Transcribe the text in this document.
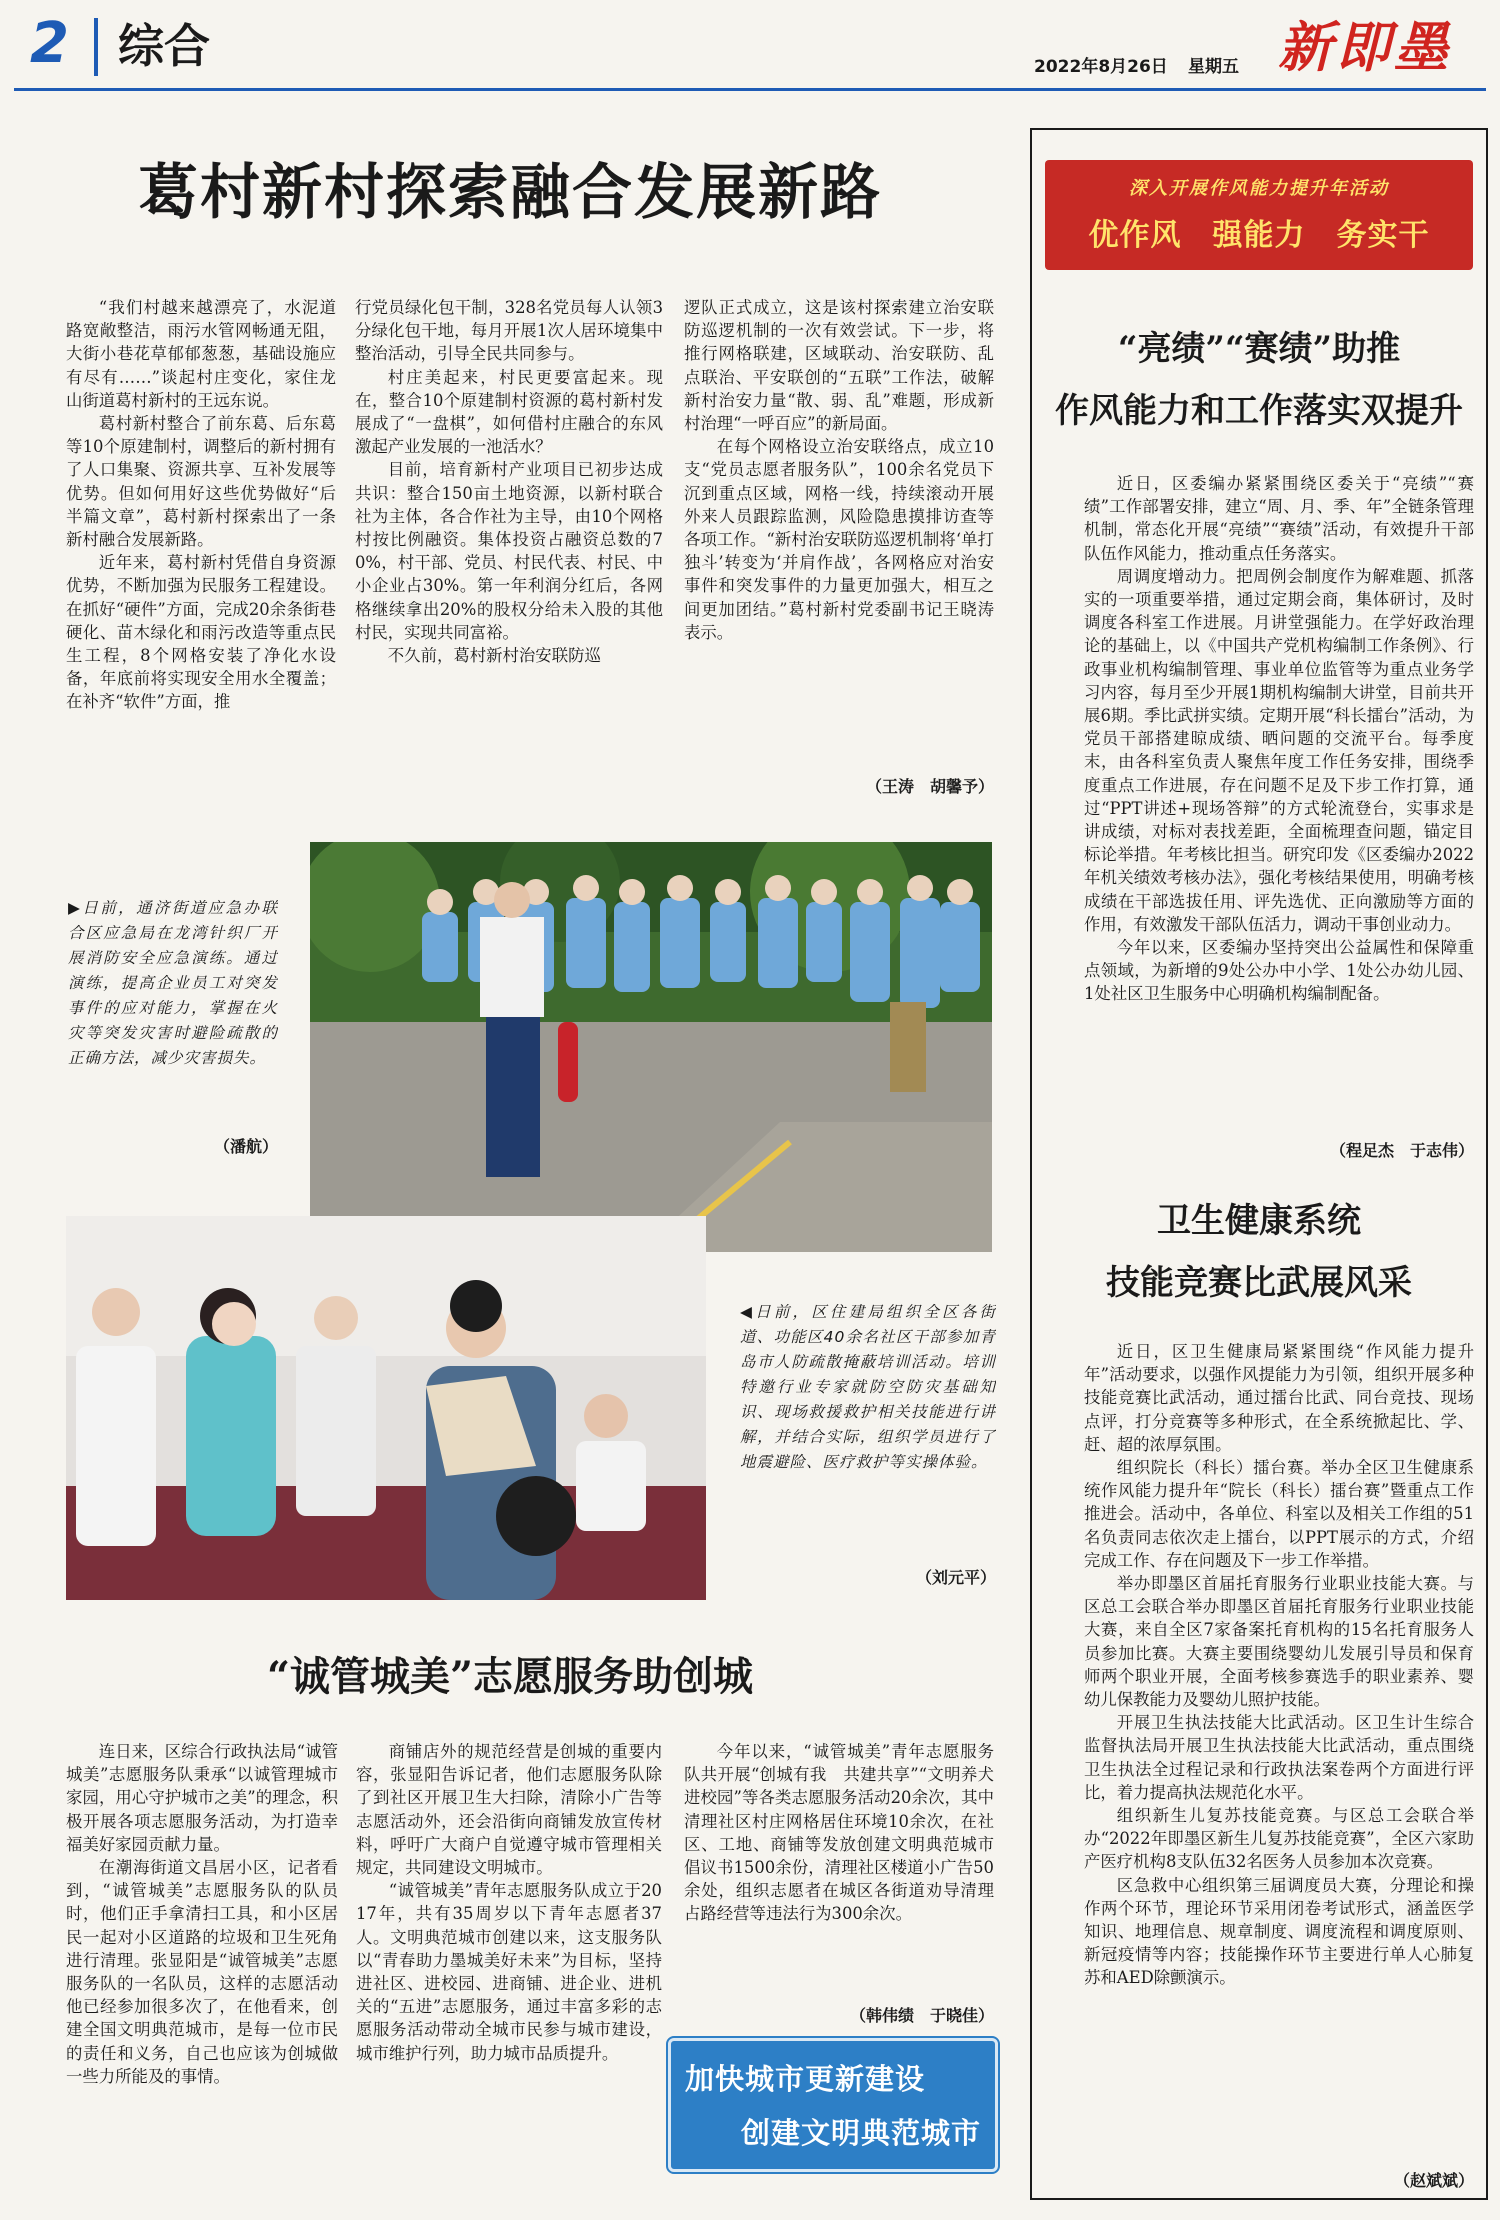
2 综合	2022年8月26日 星期五 新即墨
葛村新村探索融合发展新路

“我们村越来越漂亮了，水泥道路宽敞整洁，雨污水管网畅通无阻，大街小巷花草郁郁葱葱，基础设施应有尽有……”谈起村庄变化，家住龙山街道葛村新村的王远东说。

葛村新村整合了前东葛、后东葛等10个原建制村，调整后的新村拥有了人口集聚、资源共享、互补发展等优势。但如何用好这些优势做好“后半篇文章”，葛村新村探索出了一条新村融合发展新路。

近年来，葛村新村凭借自身资源优势，不断加强为民服务工程建设。在抓好“硬件”方面，完成20余条街巷硬化、苗木绿化和雨污改造等重点民生工程，8个网格安装了净化水设备，年底前将实现安全用水全覆盖；在补齐“软件”方面，推

行党员绿化包干制，328名党员每人认领3分绿化包干地，每月开展1次人居环境集中整治活动，引导全民共同参与。

村庄美起来，村民更要富起来。现在，整合10个原建制村资源的葛村新村发展成了“一盘棋”，如何借村庄融合的东风激起产业发展的一池活水？

目前，培育新村产业项目已初步达成共识：整合150亩土地资源，以新村联合社为主体，各合作社为主导，由10个网格村按比例融资。集体投资占融资总数的70%，村干部、党员、村民代表、村民、中小企业占30%。第一年利润分红后，各网格继续拿出20%的股权分给未入股的其他村民，实现共同富裕。

不久前，葛村新村治安联防巡

逻队正式成立，这是该村探索建立治安联防巡逻机制的一次有效尝试。下一步，将推行网格联建，区域联动、治安联防、乱点联治、平安联创的“五联”工作法，破解新村治安力量“散、弱、乱”难题，形成新村治理“一呼百应”的新局面。

在每个网格设立治安联络点，成立10支“党员志愿者服务队”，100余名党员下沉到重点区域，网格一线，持续滚动开展外来人员跟踪监测，风险隐患摸排访查等各项工作。“新村治安联防巡逻机制将‘单打独斗’转变为‘并肩作战’，各网格应对治安事件和突发事件的力量更加强大，相互之间更加团结。”葛村新村党委副书记王晓涛表示。

（王涛　胡馨予）
▶日前，通济街道应急办联合区应急局在龙湾针织厂开展消防安全应急演练。通过演练，提高企业员工对突发事件的应对能力，掌握在火灾等突发灾害时避险疏散的正确方法，减少灾害损失。
（潘航）
◀日前，区住建局组织全区各街道、功能区40余名社区干部参加青岛市人防疏散掩蔽培训活动。培训特邀行业专家就防空防灾基础知识、现场救援救护相关技能进行讲解，并结合实际，组织学员进行了地震避险、医疗救护等实操体验。
（刘元平）
“诚管城美”志愿服务助创城

连日来，区综合行政执法局“诚管城美”志愿服务队秉承“以诚管理城市家园，用心守护城市之美”的理念，积极开展各项志愿服务活动，为打造幸福美好家园贡献力量。

在潮海街道文昌居小区，记者看到，“诚管城美”志愿服务队的队员时，他们正手拿清扫工具，和小区居民一起对小区道路的垃圾和卫生死角进行清理。张显阳是“诚管城美”志愿服务队的一名队员，这样的志愿活动他已经参加很多次了，在他看来，创建全国文明典范城市，是每一位市民的责任和义务，自己也应该为创城做一些力所能及的事情。

商铺店外的规范经营是创城的重要内容，张显阳告诉记者，他们志愿服务队除了到社区开展卫生大扫除，清除小广告等志愿活动外，还会沿街向商铺发放宣传材料，呼吁广大商户自觉遵守城市管理相关规定，共同建设文明城市。

“诚管城美”青年志愿服务队成立于2017年，共有35周岁以下青年志愿者37人。文明典范城市创建以来，这支服务队以“青春助力墨城美好未来”为目标，坚持进社区、进校园、进商铺、进企业、进机关的“五进”志愿服务，通过丰富多彩的志愿服务活动带动全城市民参与城市建设，城市维护行列，助力城市品质提升。

今年以来，“诚管城美”青年志愿服务队共开展“创城有我　共建共享”“文明养犬进校园”等各类志愿服务活动20余次，其中清理社区村庄网格居住环境10余次，在社区、工地、商铺等发放创建文明典范城市倡议书1500余份，清理社区楼道小广告50余处，组织志愿者在城区各街道劝导清理占路经营等违法行为300余次。

（韩伟绩　于晓佳）
加快城市更新建设
创建文明典范城市
深入开展作风能力提升年活动
优作风　强能力　务实干
“亮绩”“赛绩”助推
作风能力和工作落实双提升

近日，区委编办紧紧围绕区委关于“亮绩”“赛绩”工作部署安排，建立“周、月、季、年”全链条管理机制，常态化开展“亮绩”“赛绩”活动，有效提升干部队伍作风能力，推动重点任务落实。

周调度增动力。把周例会制度作为解难题、抓落实的一项重要举措，通过定期会商，集体研讨，及时调度各科室工作进展。月讲堂强能力。在学好政治理论的基础上，以《中国共产党机构编制工作条例》、行政事业机构编制管理、事业单位监管等为重点业务学习内容，每月至少开展1期机构编制大讲堂，目前共开展6期。季比武拼实绩。定期开展“科长擂台”活动，为党员干部搭建晾成绩、晒问题的交流平台。每季度末，由各科室负责人聚焦年度工作任务安排，围绕季度重点工作进展，存在问题不足及下步工作打算，通过“PPT讲述+现场答辩”的方式轮流登台，实事求是讲成绩，对标对表找差距，全面梳理查问题，锚定目标论举措。年考核比担当。研究印发《区委编办2022年机关绩效考核办法》，强化考核结果使用，明确考核成绩在干部选拔任用、评先选优、正向激励等方面的作用，有效激发干部队伍活力，调动干事创业动力。

今年以来，区委编办坚持突出公益属性和保障重点领域，为新增的9处公办中小学、1处公办幼儿园、1处社区卫生服务中心明确机构编制配备。

（程足杰　于志伟）
卫生健康系统
技能竞赛比武展风采

近日，区卫生健康局紧紧围绕“作风能力提升年”活动要求，以强作风提能力为引领，组织开展多种技能竞赛比武活动，通过擂台比武、同台竞技、现场点评，打分竞赛等多种形式，在全系统掀起比、学、赶、超的浓厚氛围。

组织院长（科长）擂台赛。举办全区卫生健康系统作风能力提升年“院长（科长）擂台赛”暨重点工作推进会。活动中，各单位、科室以及相关工作组的51名负责同志依次走上擂台，以PPT展示的方式，介绍完成工作、存在问题及下一步工作举措。

举办即墨区首届托育服务行业职业技能大赛。与区总工会联合举办即墨区首届托育服务行业职业技能大赛，来自全区7家备案托育机构的15名托育服务人员参加比赛。大赛主要围绕婴幼儿发展引导员和保育师两个职业开展，全面考核参赛选手的职业素养、婴幼儿保教能力及婴幼儿照护技能。

开展卫生执法技能大比武活动。区卫生计生综合监督执法局开展卫生执法技能大比武活动，重点围绕卫生执法全过程记录和行政执法案卷两个方面进行评比，着力提高执法规范化水平。

组织新生儿复苏技能竞赛。与区总工会联合举办“2022年即墨区新生儿复苏技能竞赛”，全区六家助产医疗机构8支队伍32名医务人员参加本次竞赛。

区急救中心组织第三届调度员大赛，分理论和操作两个环节，理论环节采用闭卷考试形式，涵盖医学知识、地理信息、规章制度、调度流程和调度原则、新冠疫情等内容；技能操作环节主要进行单人心肺复苏和AED除颤演示。

（赵斌斌）
